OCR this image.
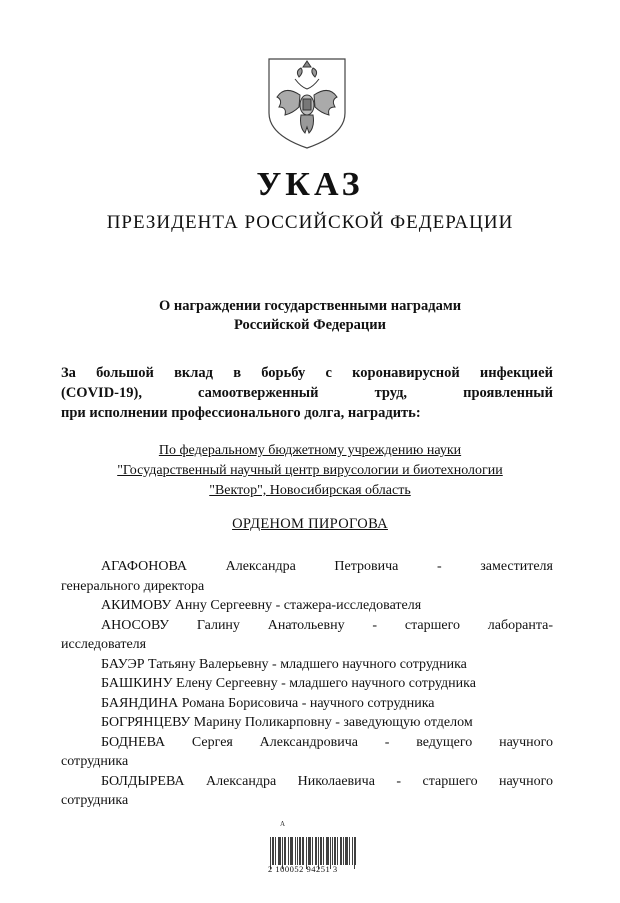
УКАЗ
ПРЕЗИДЕНТА РОССИЙСКОЙ ФЕДЕРАЦИИ
О награждении государственными наградами
Российской Федерации
За большой вклад в борьбу с коронавирусной инфекцией
(COVID-19),	самоотверженный	труд,	проявленный
при исполнении профессионального долга, наградить:
По федеральному бюджетному учреждению науки
"Государственный научный центр вирусологии и биотехнологии
"Вектор", Новосибирская область
ОРДЕНОМ ПИРОГОВА
АГАФОНОВА	Александра	Петровича	-	заместителя
генерального директора
АКИМОВУ Анну Сергеевну - стажера-исследователя
АНОСОВУ Галину Анатольевну - старшего лаборанта-
исследователя
БАУЭР Татьяну Валерьевну - младшего научного сотрудника
БАШКИНУ Елену Сергеевну - младшего научного сотрудника
БАЯНДИНА Романа Борисовича - научного сотрудника
БОГРЯНЦЕВУ Марину Поликарповну - заведующую отделом
БОДНЕВА Сергея Александровича - ведущего научного
сотрудника
БОЛДЫРЕВА Александра Николаевича - старшего научного
сотрудника
A
2 100052 94251 3
